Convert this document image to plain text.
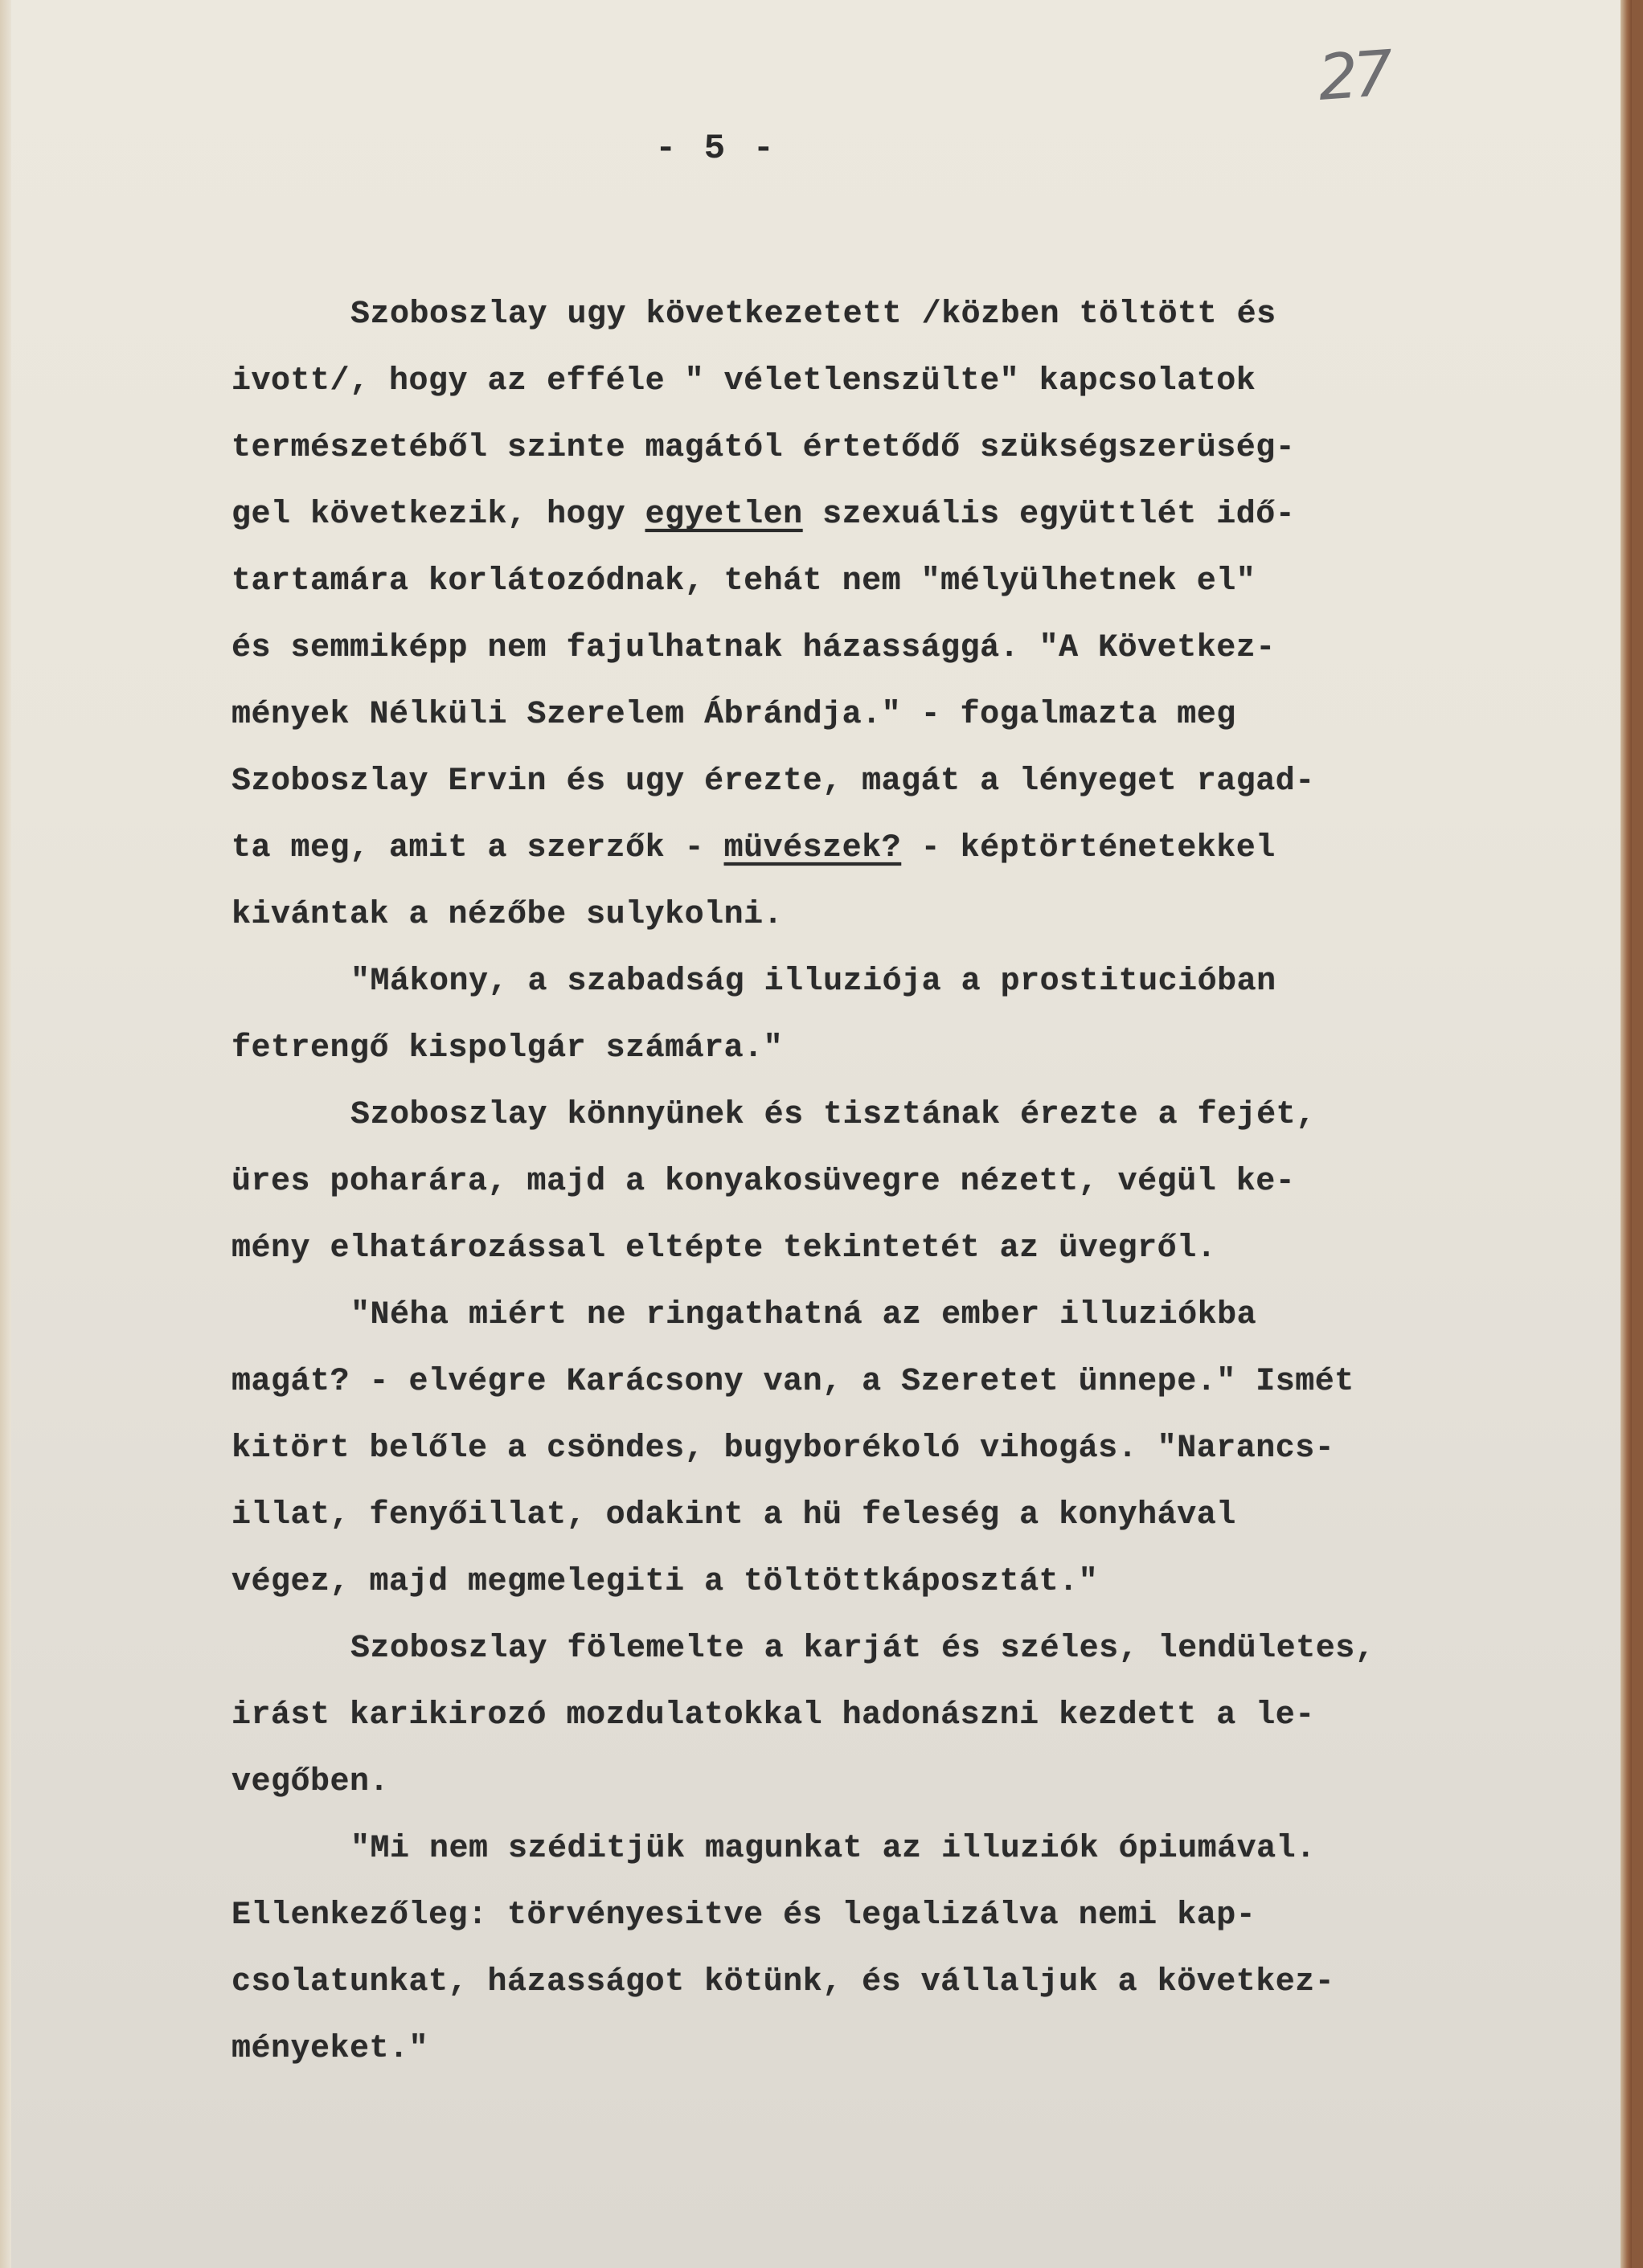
27
- 5 -
Szoboszlay ugy következetett /közben töltött és
ivott/, hogy az efféle " véletlenszülte" kapcsolatok
természetéből szinte magától értetődő szükségszerüség-
gel következik, hogy egyetlen szexuális együttlét idő-
tartamára korlátozódnak, tehát nem "mélyülhetnek el"
és semmiképp nem fajulhatnak házassággá. "A Következ-
mények Nélküli Szerelem Ábrándja." - fogalmazta meg
Szoboszlay Ervin és ugy érezte, magát a lényeget ragad-
ta meg, amit a szerzők - müvészek? - képtörténetekkel
kivántak a nézőbe sulykolni.
"Mákony, a szabadság illuziója a prostitucióban
fetrengő kispolgár számára."
Szoboszlay könnyünek és tisztának érezte a fejét,
üres poharára, majd a konyakosüvegre nézett, végül ke-
mény elhatározással eltépte tekintetét az üvegről.
"Néha miért ne ringathatná az ember illuziókba
magát? - elvégre Karácsony van, a Szeretet ünnepe." Ismét
kitört belőle a csöndes, bugyborékoló vihogás. "Narancs-
illat, fenyőillat, odakint a hü feleség a konyhával
végez, majd megmelegiti a töltöttkáposztát."
Szoboszlay fölemelte a karját és széles, lendületes,
irást karikirozó mozdulatokkal hadonászni kezdett a le-
vegőben.
"Mi nem széditjük magunkat az illuziók ópiumával.
Ellenkezőleg: törvényesitve és legalizálva nemi kap-
csolatunkat, házasságot kötünk, és vállaljuk a következ-
ményeket."
